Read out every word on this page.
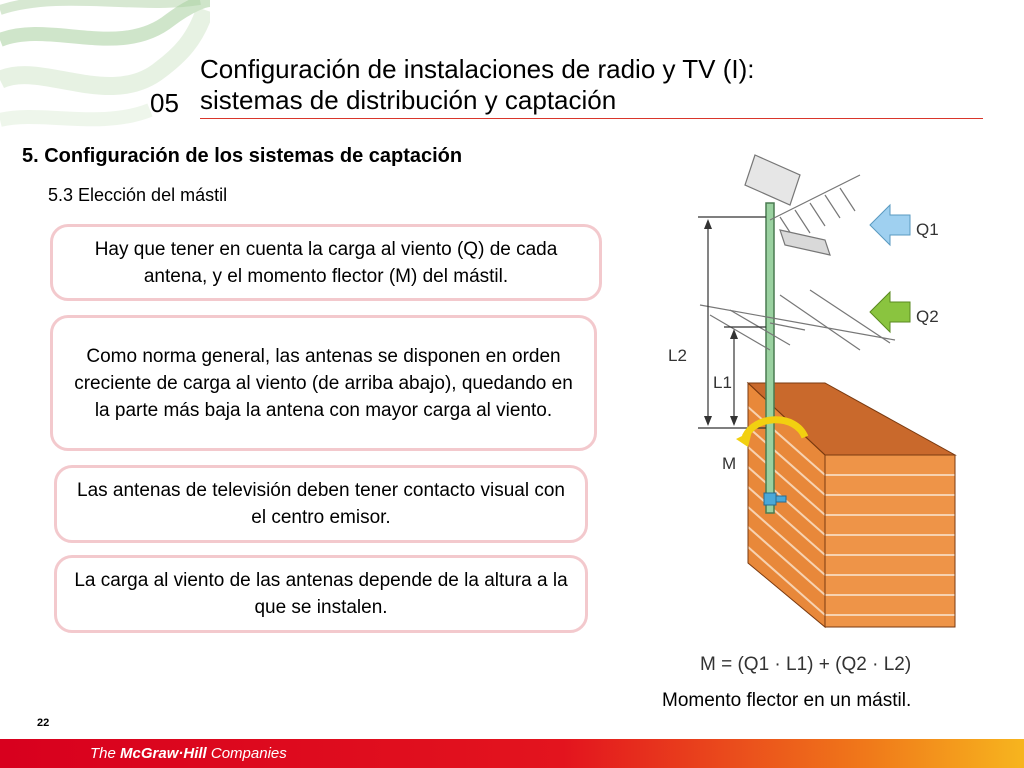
05
Configuración de instalaciones de radio y TV (I):
sistemas de distribución y captación
5. Configuración de los sistemas de captación
5.3 Elección del mástil
Hay que tener en cuenta la carga al viento (Q) de cada antena, y el momento flector (M) del mástil.
Como norma general, las antenas se disponen en orden creciente de carga al viento (de arriba abajo), quedando en la parte más baja la antena con mayor carga al viento.
Las antenas de televisión deben tener contacto visual con el centro emisor.
La carga al viento de las antenas depende de la altura a la que se instalen.
Q1
Q2
L2
L1
M
M = (Q1 · L1) + (Q2 · L2)
Momento flector en un mástil.
22
The McGraw·Hill Companies
